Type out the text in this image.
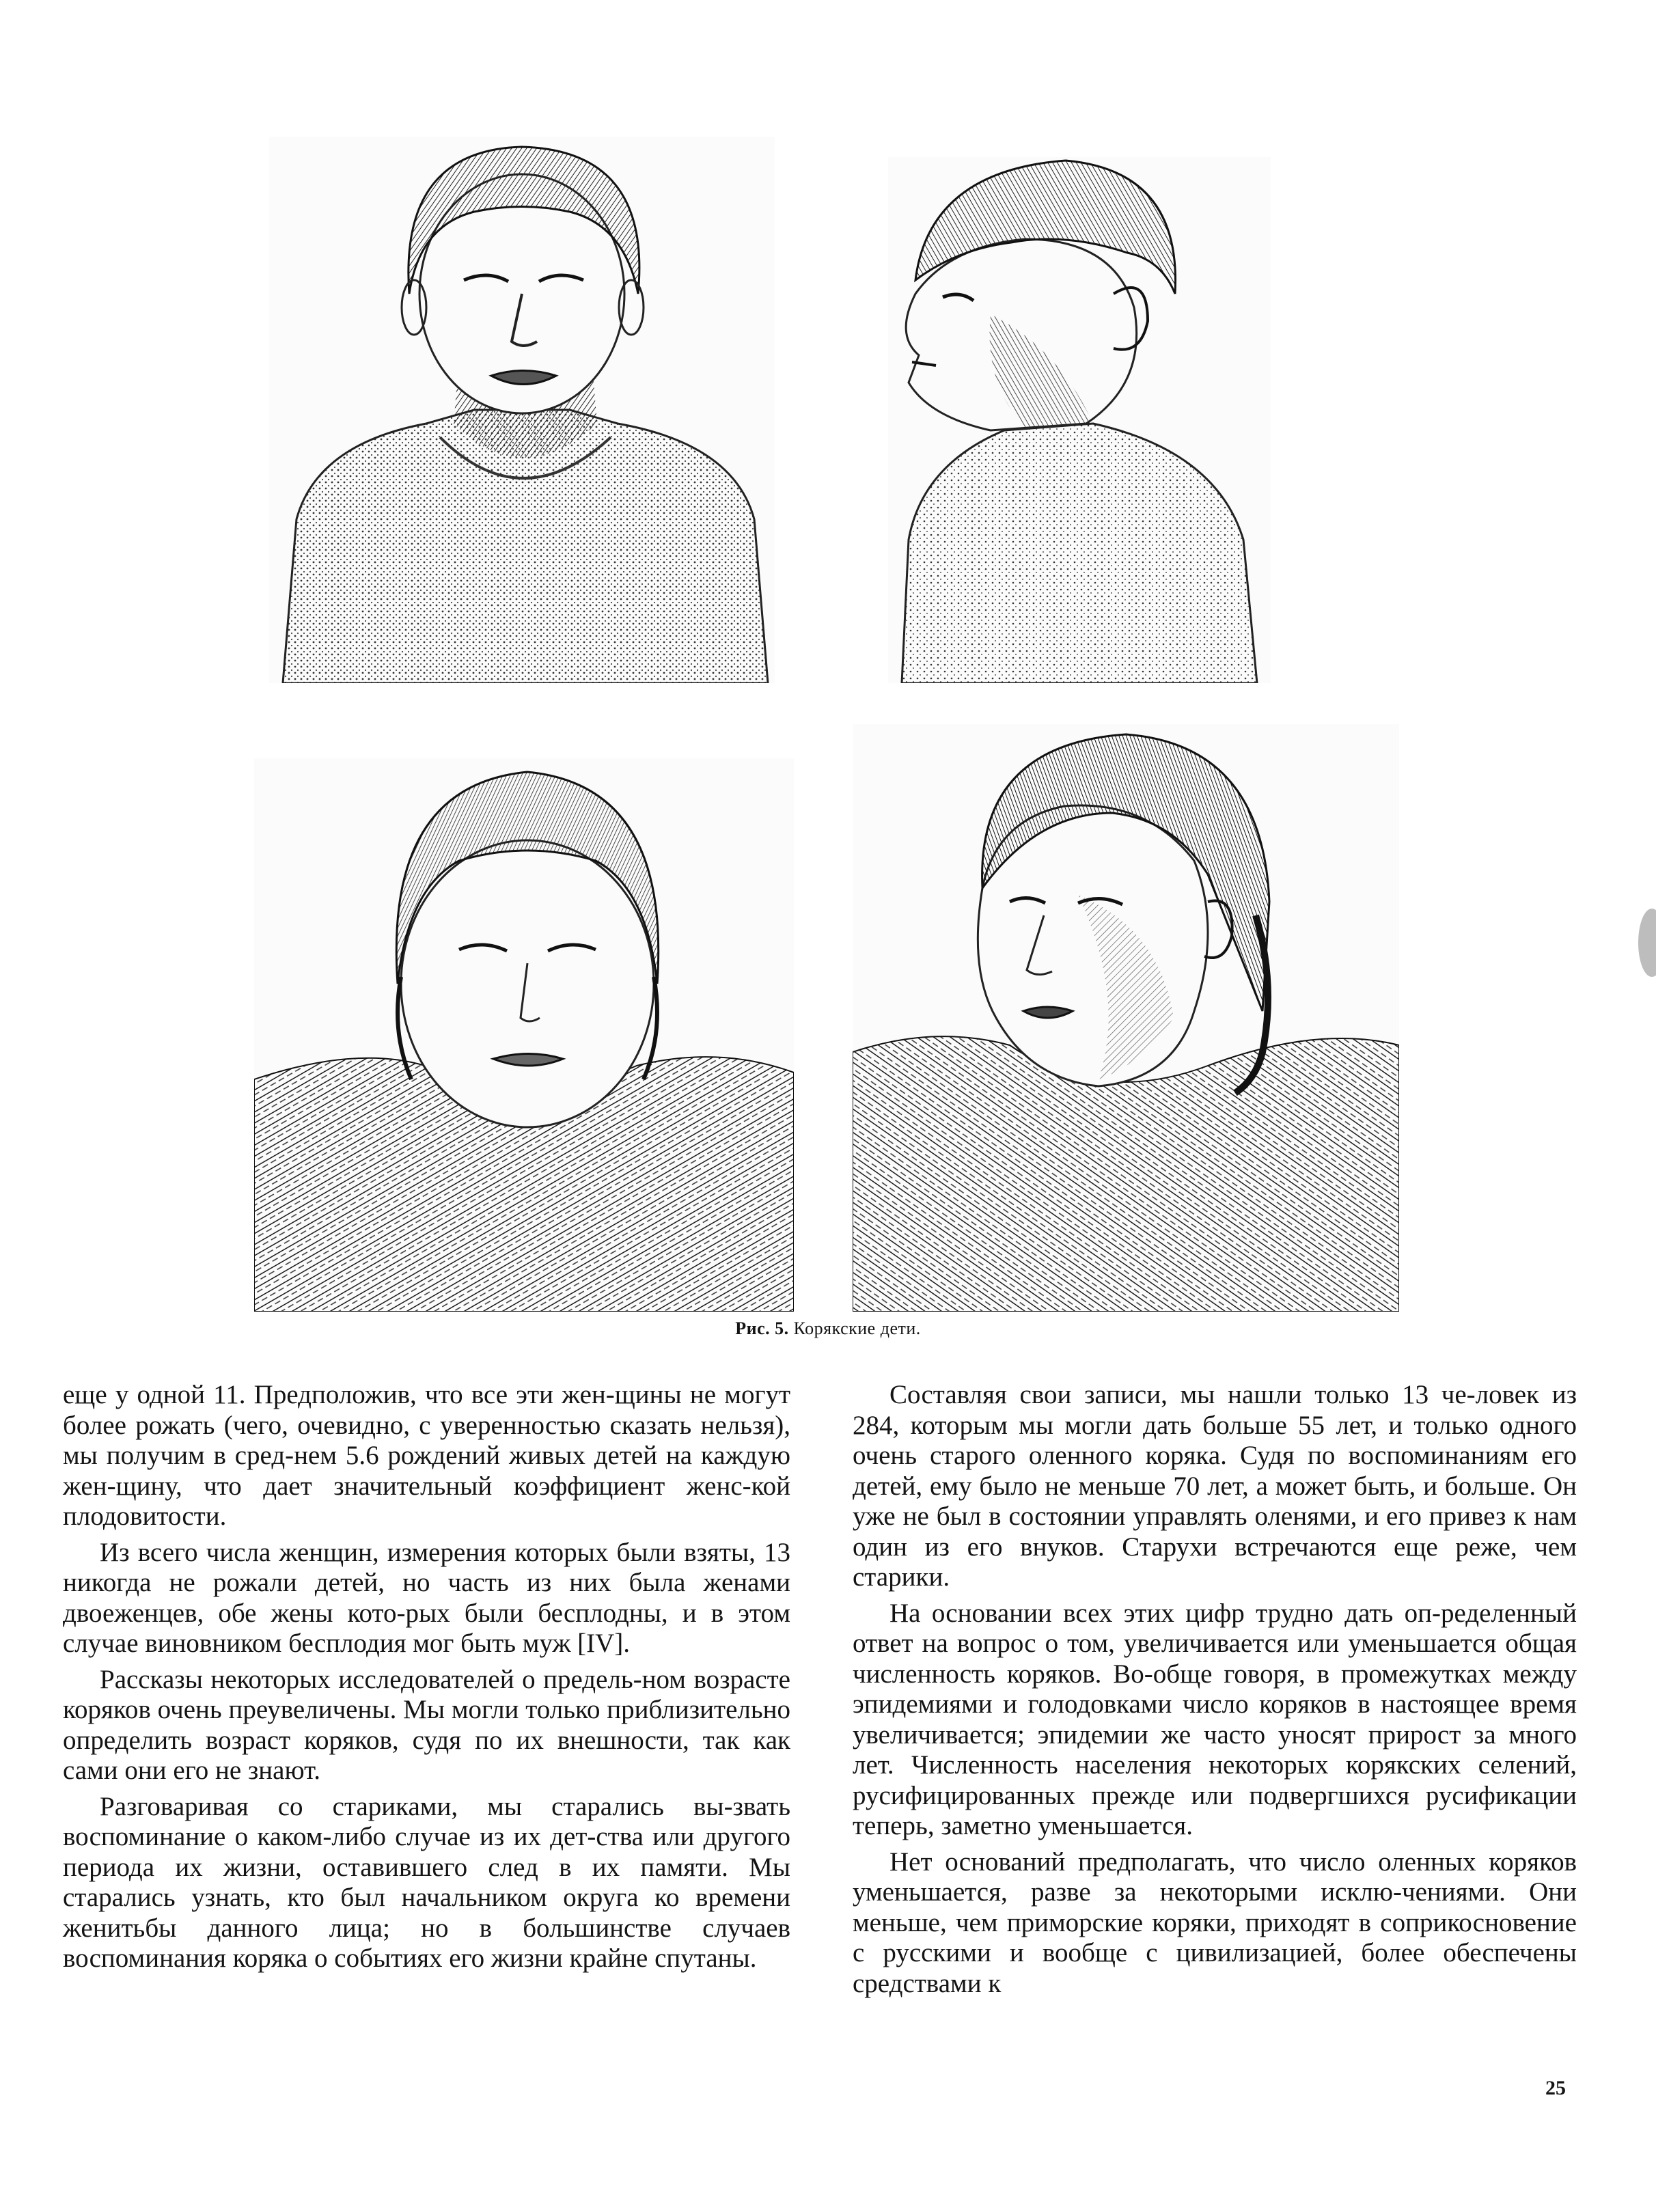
Рис. 5. Корякские дети.

еще у одной 11. Предположив, что все эти жен-щины не могут более рожать (чего, очевидно, с уверенностью сказать нельзя), мы получим в сред-нем 5.6 рождений живых детей на каждую жен-щину, что дает значительный коэффициент женс-кой плодовитости.

Из всего числа женщин, измерения которых были взяты, 13 никогда не рожали детей, но часть из них была женами двоеженцев, обе жены кото-рых были бесплодны, и в этом случае виновником бесплодия мог быть муж [IV].

Рассказы некоторых исследователей о предель-ном возрасте коряков очень преувеличены. Мы могли только приблизительно определить возраст коряков, судя по их внешности, так как сами они его не знают.

Разговаривая со стариками, мы старались вы-звать воспоминание о каком-либо случае из их дет-ства или другого периода их жизни, оставившего след в их памяти. Мы старались узнать, кто был начальником округа ко времени женитьбы данного лица; но в большинстве случаев воспоминания коряка о событиях его жизни крайне спутаны.

Составляя свои записи, мы нашли только 13 че-ловек из 284, которым мы могли дать больше 55 лет, и только одного очень старого оленного коряка. Судя по воспоминаниям его детей, ему было не меньше 70 лет, а может быть, и больше. Он уже не был в состоянии управлять оленями, и его привез к нам один из его внуков. Старухи встречаются еще реже, чем старики.

На основании всех этих цифр трудно дать оп-ределенный ответ на вопрос о том, увеличивается или уменьшается общая численность коряков. Во-обще говоря, в промежутках между эпидемиями и голодовками число коряков в настоящее время увеличивается; эпидемии же часто уносят прирост за много лет. Численность населения некоторых корякских селений, русифицированных прежде или подвергшихся русификации теперь, заметно уменьшается.

Нет оснований предполагать, что число оленных коряков уменьшается, разве за некоторыми исклю-чениями. Они меньше, чем приморские коряки, приходят в соприкосновение с русскими и вообще с цивилизацией, более обеспечены средствами к

25
